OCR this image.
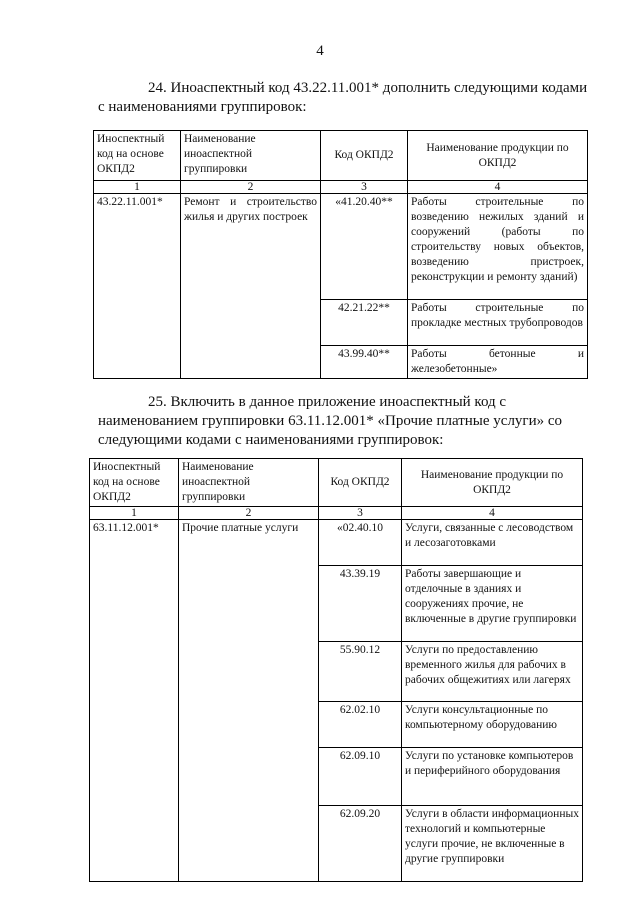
4
24. Иноаспектный код 43.22.11.001* дополнить следующими кодами
с наименованиями группировок:
Иноспектный код на основе ОКПД2	Наименование иноаспектной группировки	Код ОКПД2	Наименование продукции по ОКПД2
1	2	3	4
43.22.11.001*	Ремонт и строительство жилья и других построек	«41.20.40**	Работы строительные по возведению нежилых зданий и сооружений (работы по строительству новых объектов, возведению пристроек, реконструкции и ремонту зданий)
		42.21.22**	Работы строительные по прокладке местных трубопроводов
		43.99.40**	Работы бетонные и железобетонные»
25. Включить в данное приложение иноаспектный код с
наименованием группировки 63.11.12.001* «Прочие платные услуги» со
следующими кодами с наименованиями группировок:
Иноспектный код на основе ОКПД2	Наименование иноаспектной группировки	Код ОКПД2	Наименование продукции по ОКПД2
1	2	3	4
63.11.12.001*	Прочие платные услуги	«02.40.10	Услуги, связанные с лесоводством и лесозаготовками
		43.39.19	Работы завершающие и отделочные в зданиях и сооружениях прочие, не включенные в другие группировки
		55.90.12	Услуги по предоставлению временного жилья для рабочих в рабочих общежитиях или лагерях
		62.02.10	Услуги консультационные по компьютерному оборудованию
		62.09.10	Услуги по установке компьютеров и периферийного оборудования
		62.09.20	Услуги в области информационных технологий и компьютерные услуги прочие, не включенные в другие группировки
